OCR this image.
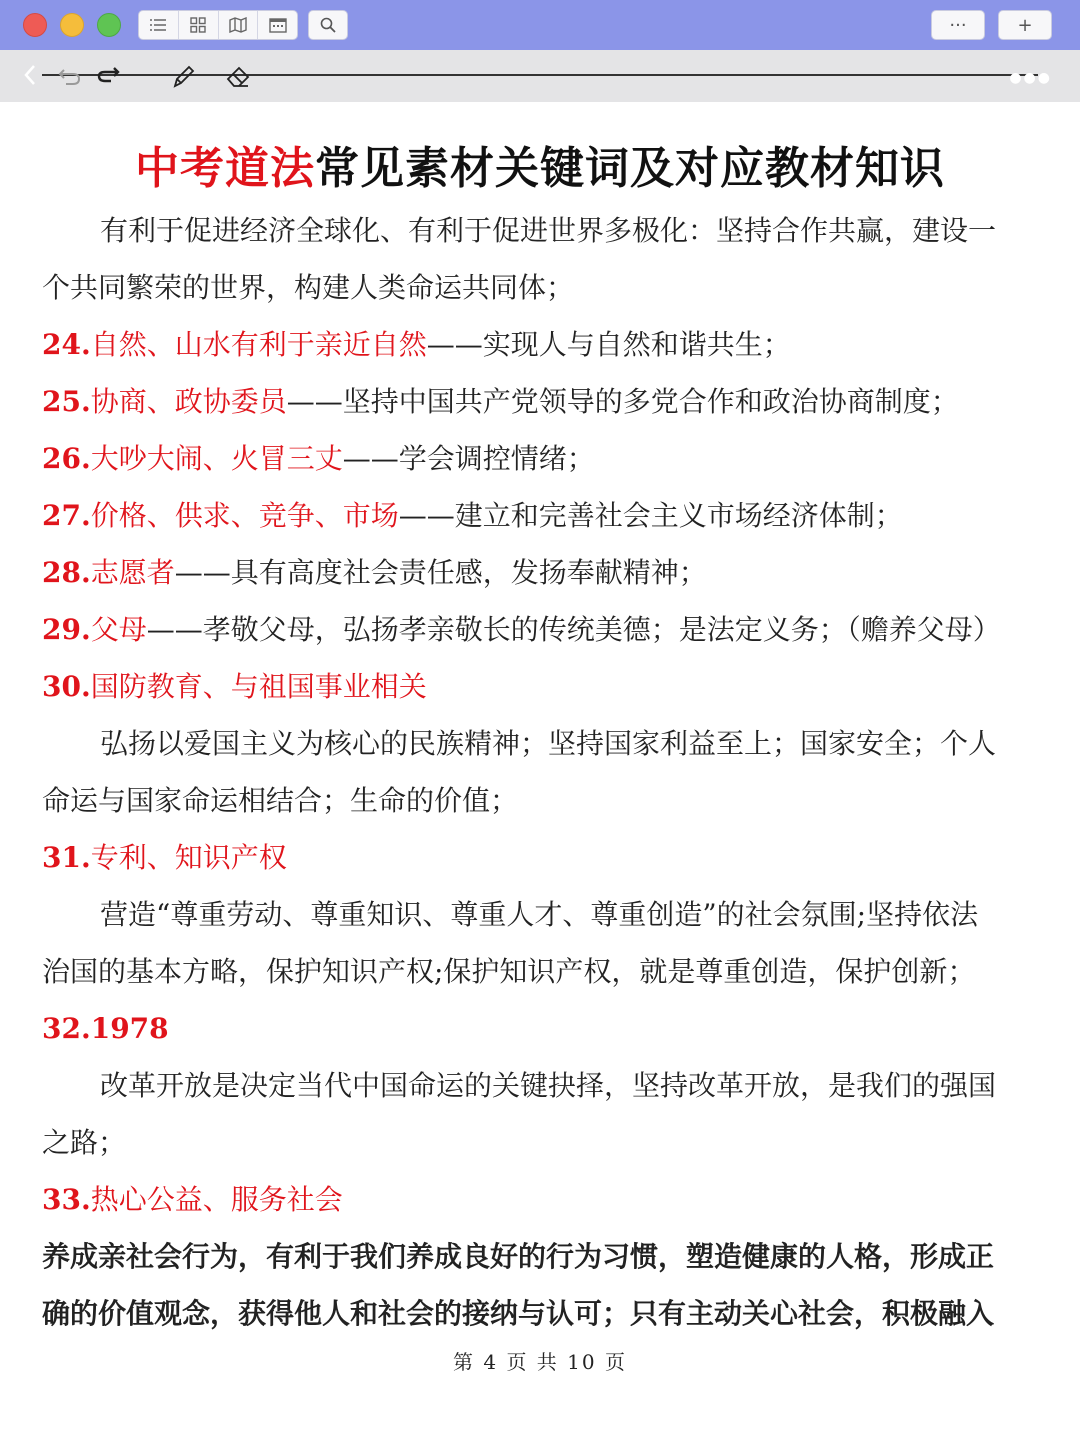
···	+
●●●
中考道法常见素材关键词及对应教材知识
有利于促进经济全球化、有利于促进世界多极化：坚持合作共赢，建设一
个共同繁荣的世界，构建人类命运共同体；
24.自然、山水有利于亲近自然——实现人与自然和谐共生；
25.协商、政协委员——坚持中国共产党领导的多党合作和政治协商制度；
26.大吵大闹、火冒三丈——学会调控情绪；
27.价格、供求、竞争、市场——建立和完善社会主义市场经济体制；
28.志愿者——具有高度社会责任感，发扬奉献精神；
29.父母——孝敬父母，弘扬孝亲敬长的传统美德；是法定义务；（赡养父母）
30.国防教育、与祖国事业相关
弘扬以爱国主义为核心的民族精神；坚持国家利益至上；国家安全；个人
命运与国家命运相结合；生命的价值；
31.专利、知识产权
营造“尊重劳动、尊重知识、尊重人才、尊重创造”的社会氛围;坚持依法
治国的基本方略，保护知识产权;保护知识产权，就是尊重创造，保护创新；
32.1978
改革开放是决定当代中国命运的关键抉择，坚持改革开放，是我们的强国
之路；
33.热心公益、服务社会
养成亲社会行为，有利于我们养成良好的行为习惯，塑造健康的人格，形成正
确的价值观念，获得他人和社会的接纳与认可；只有主动关心社会，积极融入
第 4 页 共 10 页
